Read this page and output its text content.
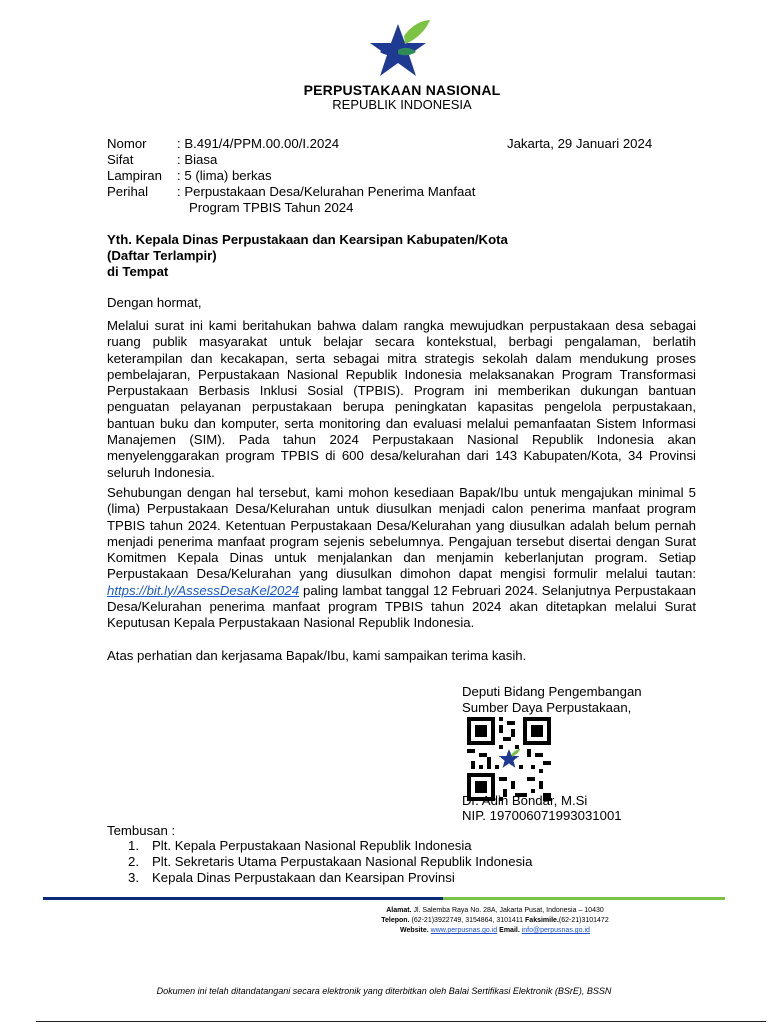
PERPUSTAKAAN NASIONAL
REPUBLIK INDONESIA
Nomor : B.491/4/PPM.00.00/I.2024
Sifat	: Biasa
Lampiran : 5 (lima) berkas
Perihal : Perpustakaan Desa/Kelurahan Penerima Manfaat
Program TPBIS Tahun 2024
Jakarta, 29 Januari 2024
Yth. Kepala Dinas Perpustakaan dan Kearsipan Kabupaten/Kota
(Daftar Terlampir)
di Tempat
Dengan hormat,
Melalui surat ini kami beritahukan bahwa dalam rangka mewujudkan perpustakaan desa sebagai ruang publik masyarakat untuk belajar secara kontekstual, berbagi pengalaman, berlatih keterampilan dan kecakapan, serta sebagai mitra strategis sekolah dalam mendukung proses pembelajaran, Perpustakaan Nasional Republik Indonesia melaksanakan Program Transformasi Perpustakaan Berbasis Inklusi Sosial (TPBIS). Program ini memberikan dukungan bantuan penguatan pelayanan perpustakaan berupa peningkatan kapasitas pengelola perpustakaan, bantuan buku dan komputer, serta monitoring dan evaluasi melalui pemanfaatan Sistem Informasi Manajemen (SIM). Pada tahun 2024 Perpustakaan Nasional Republik Indonesia akan menyelenggarakan program TPBIS di 600 desa/kelurahan dari 143 Kabupaten/Kota, 34 Provinsi seluruh Indonesia.
Sehubungan dengan hal tersebut, kami mohon kesediaan Bapak/Ibu untuk mengajukan minimal 5 (lima) Perpustakaan Desa/Kelurahan untuk diusulkan menjadi calon penerima manfaat program TPBIS tahun 2024. Ketentuan Perpustakaan Desa/Kelurahan yang diusulkan adalah belum pernah menjadi penerima manfaat program sejenis sebelumnya. Pengajuan tersebut disertai dengan Surat Komitmen Kepala Dinas untuk menjalankan dan menjamin keberlanjutan program. Setiap Perpustakaan Desa/Kelurahan yang diusulkan dimohon dapat mengisi formulir melalui tautan: https://bit.ly/AssessDesaKel2024 paling lambat tanggal 12 Februari 2024. Selanjutnya Perpustakaan Desa/Kelurahan penerima manfaat program TPBIS tahun 2024 akan ditetapkan melalui Surat Keputusan Kepala Perpustakaan Nasional Republik Indonesia.
Atas perhatian dan kerjasama Bapak/Ibu, kami sampaikan terima kasih.
Deputi Bidang Pengembangan
Sumber Daya Perpustakaan,
Dr. Adin Bondar, M.Si
NIP. 197006071993031001
Tembusan :
1. Plt. Kepala Perpustakaan Nasional Republik Indonesia
2. Plt. Sekretaris Utama Perpustakaan Nasional Republik Indonesia
3. Kepala Dinas Perpustakaan dan Kearsipan Provinsi
Alamat. Jl. Salemba Raya No. 28A, Jakarta Pusat, Indonesia – 10430
Telepon. (62-21)3922749, 3154864, 3101411 Faksimile.(62-21)3101472
Website. www.perpusnas.go.id Email. info@perpusnas.go.id
Dokumen ini telah ditandatangani secara elektronik yang diterbitkan oleh Balai Sertifikasi Elektronik (BSrE), BSSN
